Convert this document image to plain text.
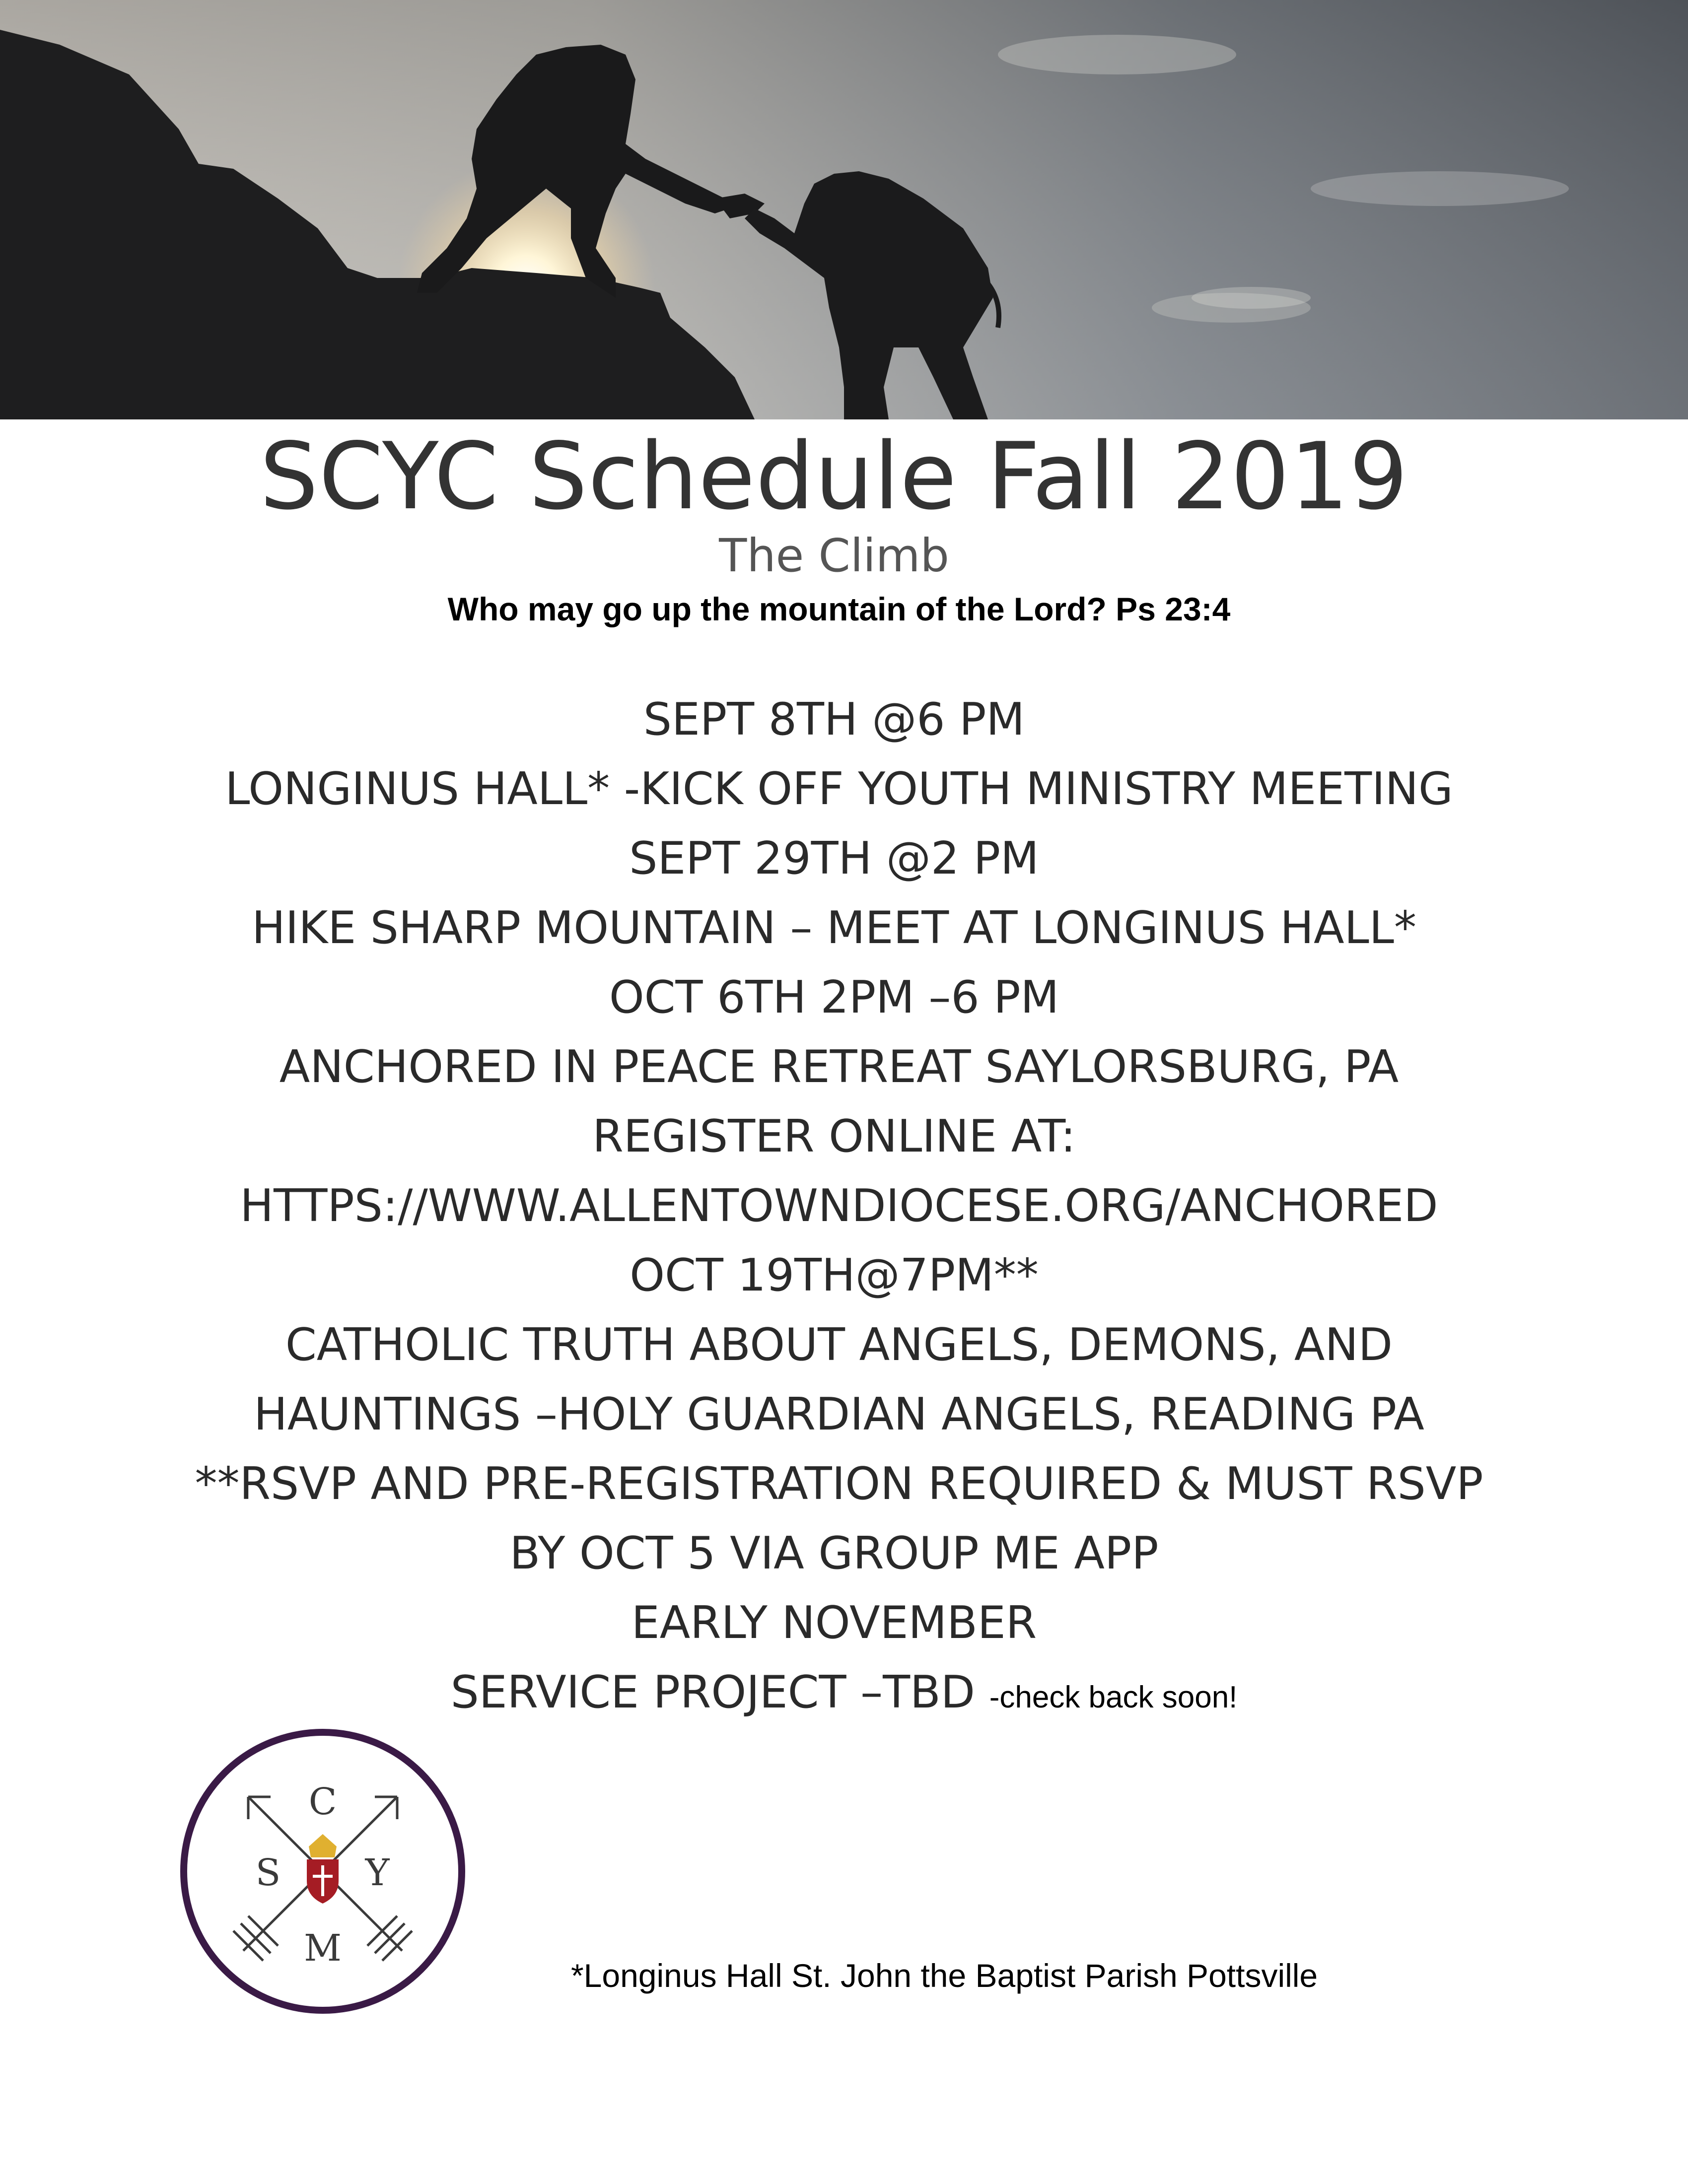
SCYC Schedule Fall 2019
The Climb
Who may go up the mountain of the Lord? Ps 23:4
SEPT 8TH @6 PM
LONGINUS HALL* -KICK OFF YOUTH MINISTRY MEETING
SEPT 29TH @2 PM
HIKE SHARP MOUNTAIN – MEET AT LONGINUS HALL*
OCT 6TH 2PM –6 PM
ANCHORED IN PEACE RETREAT SAYLORSBURG, PA
REGISTER ONLINE AT:
HTTPS://WWW.ALLENTOWNDIOCESE.ORG/ANCHORED
OCT 19TH@7PM**
CATHOLIC TRUTH ABOUT ANGELS, DEMONS, AND
HAUNTINGS –HOLY GUARDIAN ANGELS, READING PA
**RSVP AND PRE-REGISTRATION REQUIRED & MUST RSVP
BY OCT 5 VIA GROUP ME APP
EARLY NOVEMBER
SERVICE PROJECT –TBD -check back soon!
C
S Y
M
*Longinus Hall St. John the Baptist Parish Pottsville
